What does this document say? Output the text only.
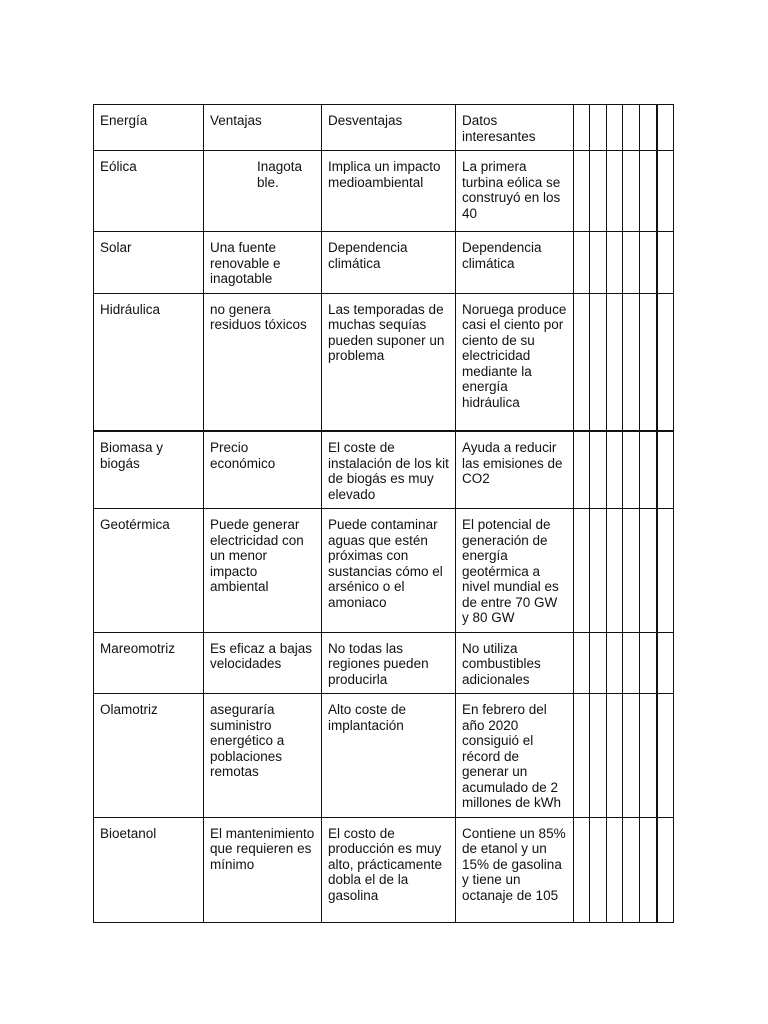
Energía	Ventajas	Desventajas	Datos interesantes						
Eólica	Inagotable.	Implica un impacto medioambiental	La primera turbina eólica se construyó en los 40						
Solar	Una fuente renovable e inagotable	Dependencia climática	Dependencia climática						
Hidráulica	no genera residuos tóxicos	Las temporadas de muchas sequías pueden suponer un problema	Noruega produce casi el ciento por ciento de su electricidad mediante la energía hidráulica						
Biomasa y biogás	Precio económico	El coste de instalación de los kit de biogás es muy elevado	Ayuda a reducir las emisiones de CO2						
Geotérmica	Puede generar electricidad con un menor impacto ambiental	Puede contaminar aguas que estén próximas con sustancias cómo el arsénico o el amoniaco	El potencial de generación de energía geotérmica a nivel mundial es de entre 70 GW y 80 GW						
Mareomotriz	Es eficaz a bajas velocidades	No todas las regiones pueden producirla	No utiliza combustibles adicionales						
Olamotriz	aseguraría suministro energético a poblaciones remotas	Alto coste de implantación	En febrero del año 2020 consiguió el récord de generar un acumulado de 2 millones de kWh						
Bioetanol	El mantenimiento que requieren es mínimo	El costo de producción es muy alto, prácticamente dobla el de la gasolina	Contiene un 85% de etanol y un 15% de gasolina y tiene un octanaje de 105						
